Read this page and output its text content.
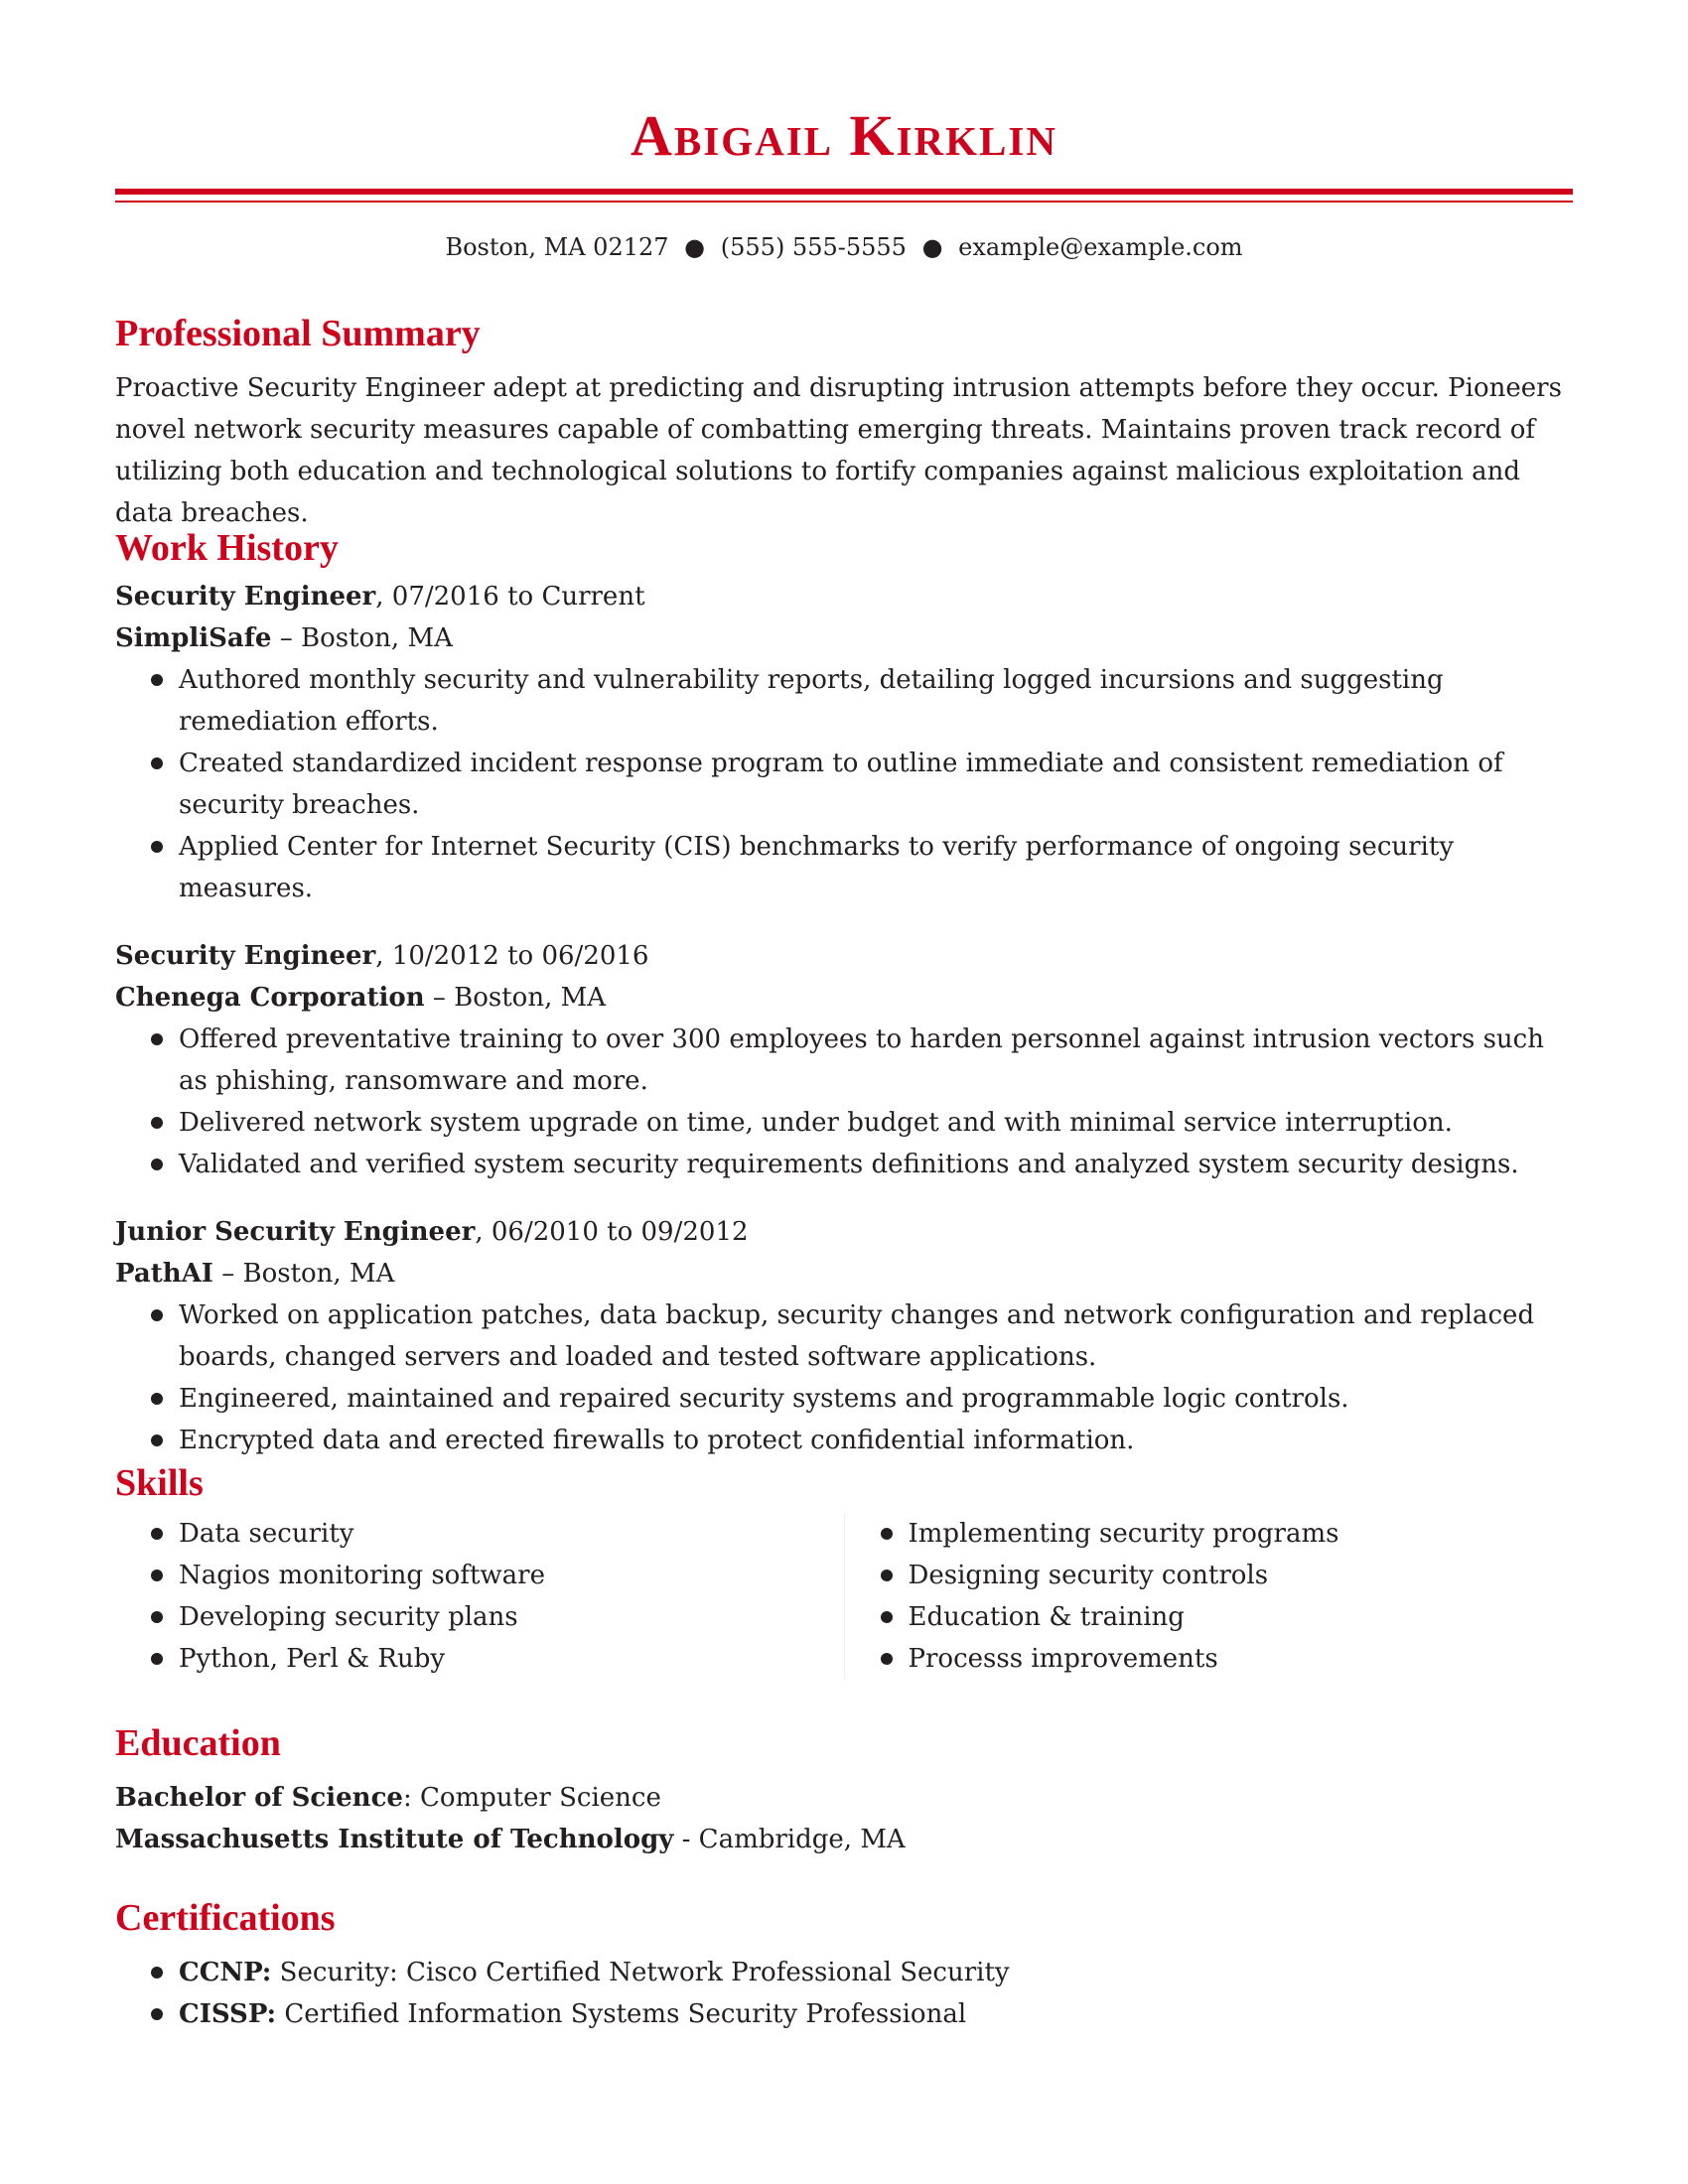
Abigail Kirklin
Boston, MA 02127 ● (555) 555-5555 ● example@example.com
Professional Summary

Proactive Security Engineer adept at predicting and disrupting intrusion attempts before they occur. Pioneers novel network security measures capable of combatting emerging threats. Maintains proven track record of utilizing both education and technological solutions to fortify companies against malicious exploitation and data breaches.

Work History
Security Engineer, 07/2016 to Current
SimpliSafe – Boston, MA
Authored monthly security and vulnerability reports, detailing logged incursions and suggesting remediation efforts.
Created standardized incident response program to outline immediate and consistent remediation of security breaches.
Applied Center for Internet Security (CIS) benchmarks to verify performance of ongoing security measures.
Security Engineer, 10/2012 to 06/2016
Chenega Corporation – Boston, MA
Offered preventative training to over 300 employees to harden personnel against intrusion vectors such as phishing, ransomware and more.
Delivered network system upgrade on time, under budget and with minimal service interruption.
Validated and verified system security requirements definitions and analyzed system security designs.
Junior Security Engineer, 06/2010 to 09/2012
PathAI – Boston, MA
Worked on application patches, data backup, security changes and network configuration and replaced boards, changed servers and loaded and tested software applications.
Engineered, maintained and repaired security systems and programmable logic controls.
Encrypted data and erected firewalls to protect confidential information.
Skills
Data security
Nagios monitoring software
Developing security plans
Python, Perl & Ruby
Implementing security programs
Designing security controls
Education & training
Processs improvements
Education
Bachelor of Science: Computer Science
Massachusetts Institute of Technology - Cambridge, MA
Certifications
CCNP: Security: Cisco Certified Network Professional Security
CISSP: Certified Information Systems Security Professional
